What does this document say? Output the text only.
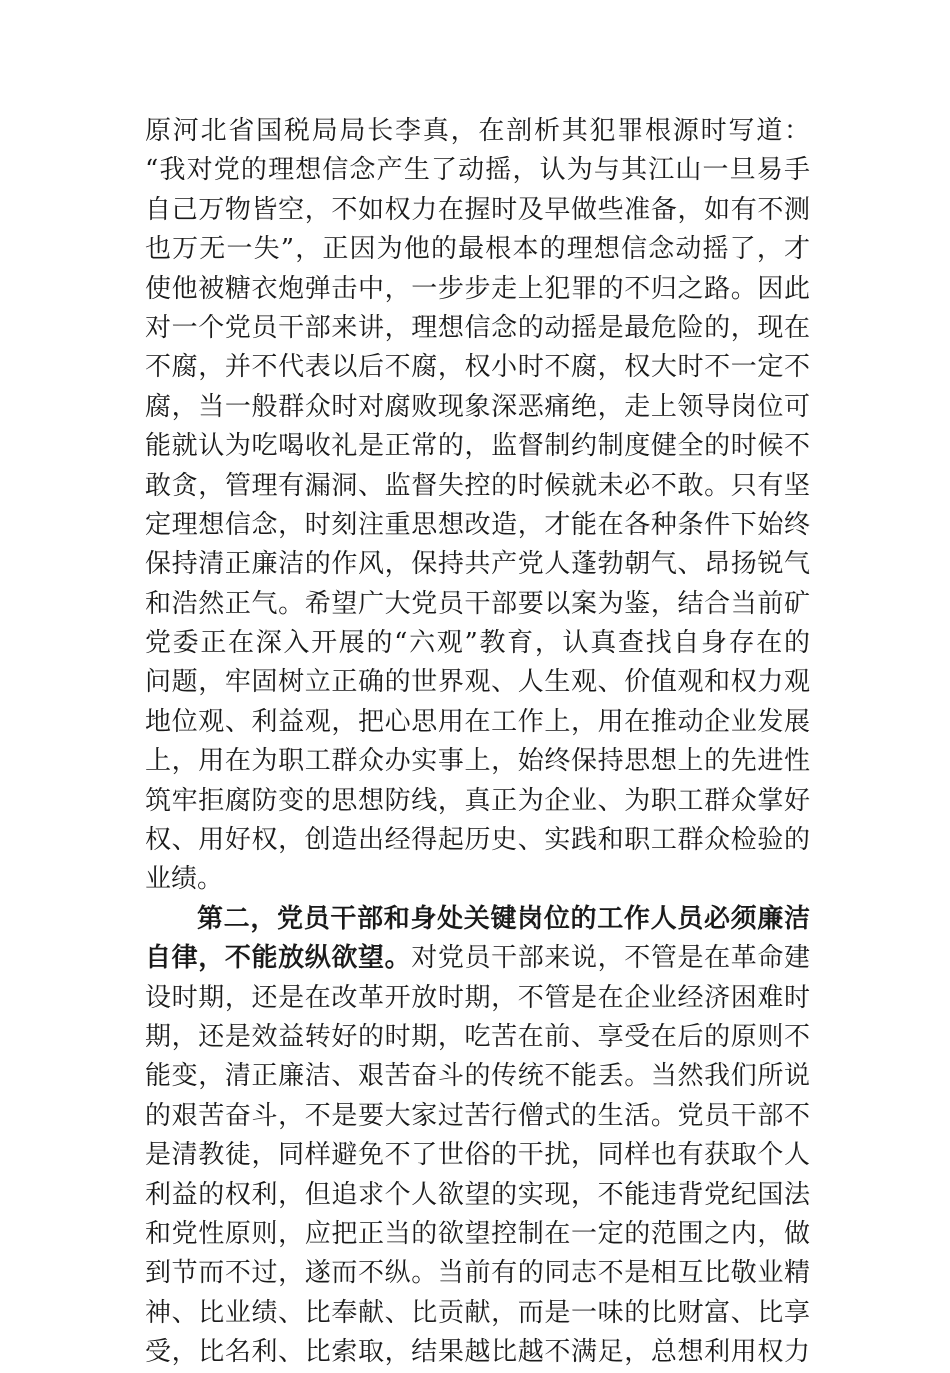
原河北省国税局局长李真，在剖析其犯罪根源时写道：
“我对党的理想信念产生了动摇，认为与其江山一旦易手
自己万物皆空，不如权力在握时及早做些准备，如有不测
也万无一失”，正因为他的最根本的理想信念动摇了，才
使他被糖衣炮弹击中，一步步走上犯罪的不归之路。因此
对一个党员干部来讲，理想信念的动摇是最危险的，现在
不腐，并不代表以后不腐，权小时不腐，权大时不一定不
腐，当一般群众时对腐败现象深恶痛绝，走上领导岗位可
能就认为吃喝收礼是正常的，监督制约制度健全的时候不
敢贪，管理有漏洞、监督失控的时候就未必不敢。只有坚
定理想信念，时刻注重思想改造，才能在各种条件下始终
保持清正廉洁的作风，保持共产党人蓬勃朝气、昂扬锐气
和浩然正气。希望广大党员干部要以案为鉴，结合当前矿
党委正在深入开展的“六观”教育，认真查找自身存在的
问题，牢固树立正确的世界观、人生观、价值观和权力观
地位观、利益观，把心思用在工作上，用在推动企业发展
上，用在为职工群众办实事上，始终保持思想上的先进性
筑牢拒腐防变的思想防线，真正为企业、为职工群众掌好
权、用好权，创造出经得起历史、实践和职工群众检验的
业绩。
第二，党员干部和身处关键岗位的工作人员必须廉洁
自律，不能放纵欲望。对党员干部来说，不管是在革命建
设时期，还是在改革开放时期，不管是在企业经济困难时
期，还是效益转好的时期，吃苦在前、享受在后的原则不
能变，清正廉洁、艰苦奋斗的传统不能丢。当然我们所说
的艰苦奋斗，不是要大家过苦行僧式的生活。党员干部不
是清教徒，同样避免不了世俗的干扰，同样也有获取个人
利益的权利，但追求个人欲望的实现，不能违背党纪国法
和党性原则，应把正当的欲望控制在一定的范围之内，做
到节而不过，遂而不纵。当前有的同志不是相互比敬业精
神、比业绩、比奉献、比贡献，而是一味的比财富、比享
受，比名利、比索取，结果越比越不满足，总想利用权力
